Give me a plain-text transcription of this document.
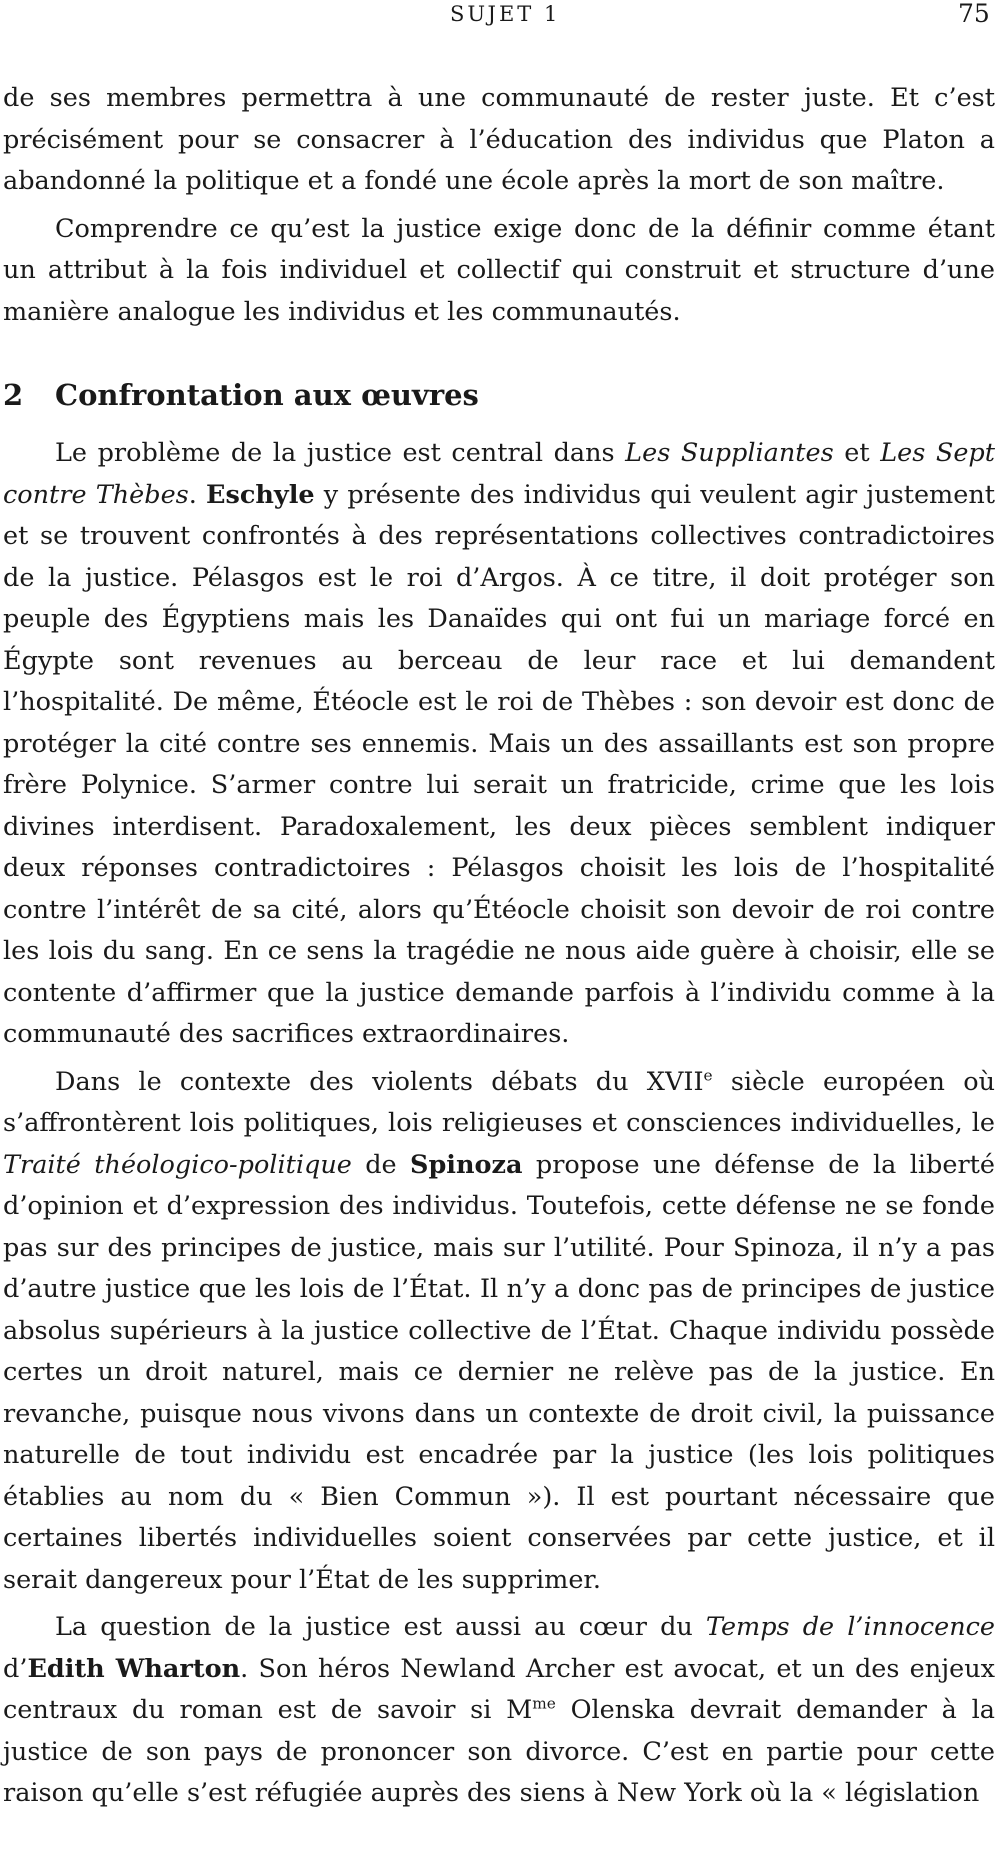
SUJET 1	75

de ses membres permettra à une communauté de rester juste. Et c’est précisément pour se consacrer à l’éducation des individus que Platon a abandonné la politique et a fondé une école après la mort de son maître.

Comprendre ce qu’est la justice exige donc de la définir comme étant un attribut à la fois individuel et collectif qui construit et structure d’une manière analogue les individus et les communautés.

2 Confrontation aux œuvres

Le problème de la justice est central dans Les Suppliantes et Les Sept contre Thèbes. Eschyle y présente des individus qui veulent agir justement et se trouvent confrontés à des représentations collectives contradictoires de la justice. Pélasgos est le roi d’Argos. À ce titre, il doit protéger son peuple des Égyptiens mais les Danaïdes qui ont fui un mariage forcé en Égypte sont revenues au berceau de leur race et lui demandent l’hospitalité. De même, Étéocle est le roi de Thèbes : son devoir est donc de protéger la cité contre ses ennemis. Mais un des assaillants est son propre frère Polynice. S’armer contre lui serait un fratricide, crime que les lois divines interdisent. Paradoxalement, les deux pièces semblent indiquer deux réponses contradictoires : Pélasgos choisit les lois de l’hospitalité contre l’intérêt de sa cité, alors qu’Étéocle choisit son devoir de roi contre les lois du sang. En ce sens la tragédie ne nous aide guère à choisir, elle se contente d’affirmer que la justice demande parfois à l’individu comme à la communauté des sacrifices extraordinaires.

Dans le contexte des violents débats du XVIIe siècle européen où s’affrontèrent lois politiques, lois religieuses et consciences individuelles, le Traité théologico-politique de Spinoza propose une défense de la liberté d’opinion et d’expression des individus. Toutefois, cette défense ne se fonde pas sur des principes de justice, mais sur l’utilité. Pour Spinoza, il n’y a pas d’autre justice que les lois de l’État. Il n’y a donc pas de principes de justice absolus supérieurs à la justice collective de l’État. Chaque individu possède certes un droit naturel, mais ce dernier ne relève pas de la justice. En revanche, puisque nous vivons dans un contexte de droit civil, la puissance naturelle de tout individu est encadrée par la justice (les lois politiques établies au nom du « Bien Commun »). Il est pourtant nécessaire que certaines libertés individuelles soient conservées par cette justice, et il serait dangereux pour l’État de les supprimer.

La question de la justice est aussi au cœur du Temps de l’innocence d’Edith Wharton. Son héros Newland Archer est avocat, et un des enjeux centraux du roman est de savoir si $M^{me}$ Olenska devrait demander à la justice de son pays de prononcer son divorce. C’est en partie pour cette raison qu’elle s’est réfugiée auprès des siens à New York où la « législation
